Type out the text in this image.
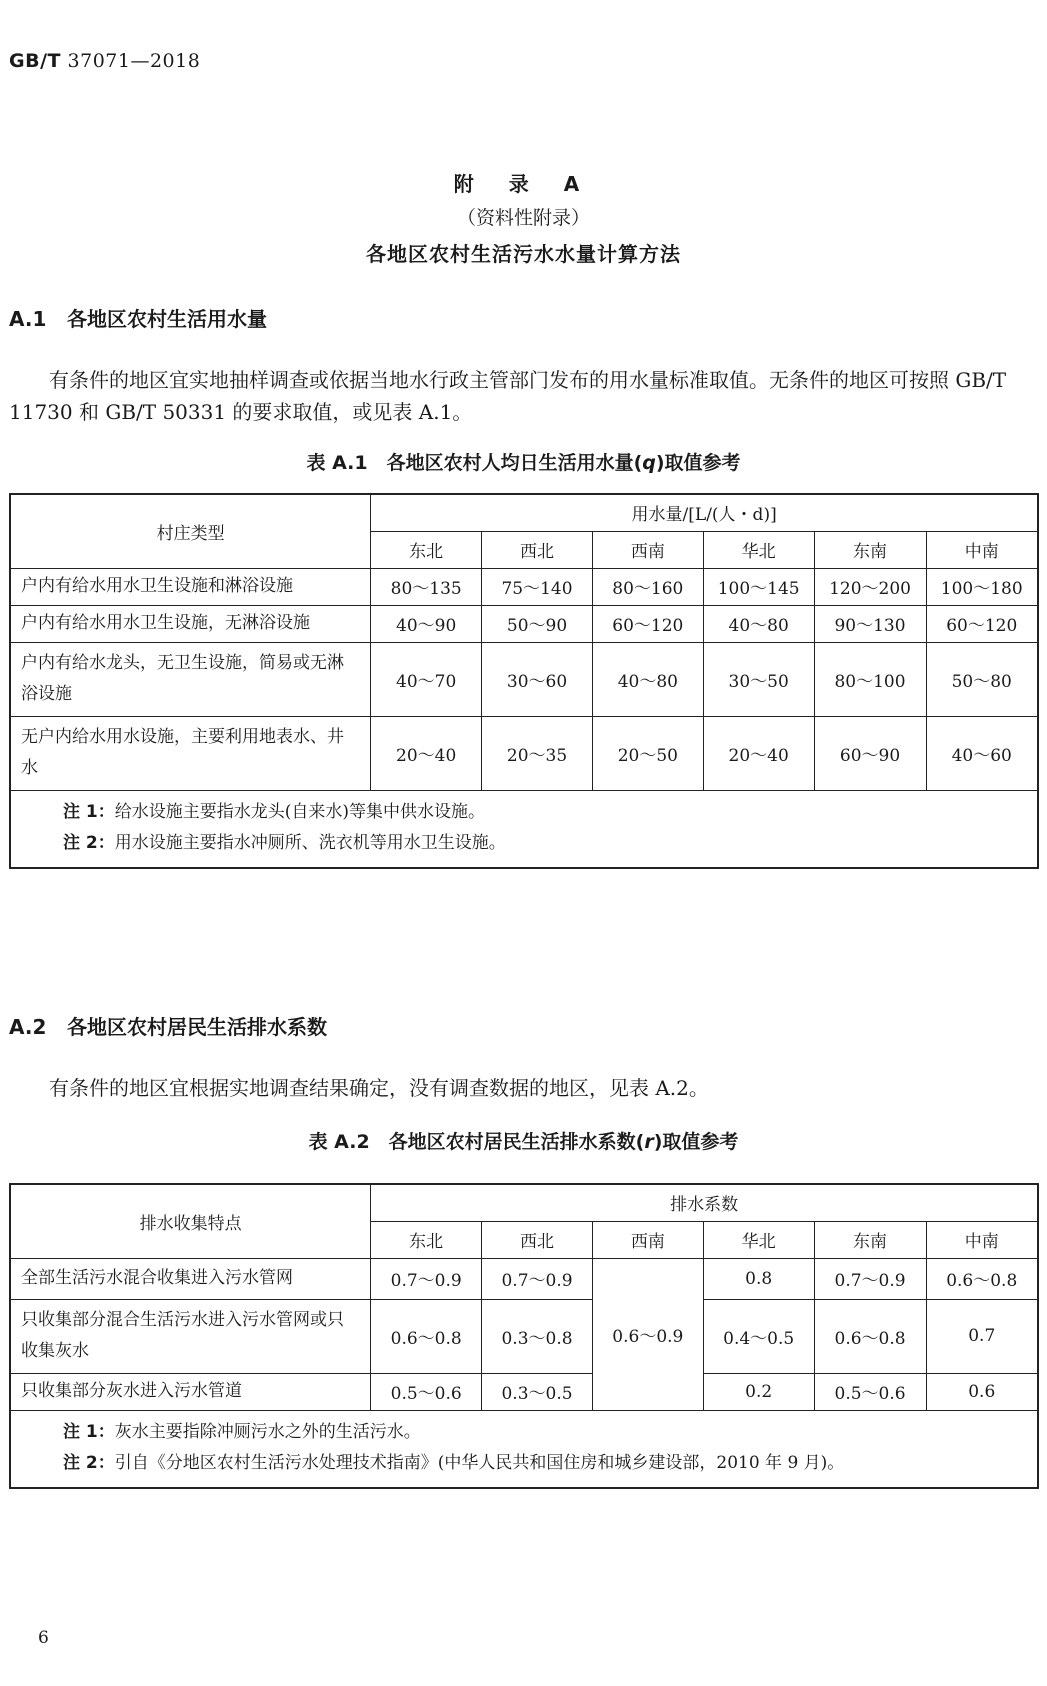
GB/T 37071—2018
附 录 A
（资料性附录）
各地区农村生活污水水量计算方法
A.1 各地区农村生活用水量
有条件的地区宜实地抽样调查或依据当地水行政主管部门发布的用水量标准取值。无条件的地区可按照 GB/T 11730 和 GB/T 50331 的要求取值，或见表 A.1。
表 A.1　各地区农村人均日生活用水量(q)取值参考
村庄类型	用水量/[L/(人・d)]					
	东北	西北	西南	华北	东南	中南
户内有给水用水卫生设施和淋浴设施	80～135	75～140	80～160	100～145	120～200	100～180
户内有给水用水卫生设施，无淋浴设施	40～90	50～90	60～120	40～80	90～130	60～120
户内有给水龙头，无卫生设施，简易或无淋浴设施	40～70	30～60	40～80	30～50	80～100	50～80
无户内给水用水设施，主要利用地表水、井水	20～40	20～35	20～50	20～40	60～90	40～60

注 1：给水设施主要指水龙头(自来水)等集中供水设施。
注 2：用水设施主要指水冲厕所、洗衣机等用水卫生设施。						
A.2 各地区农村居民生活排水系数
有条件的地区宜根据实地调查结果确定，没有调查数据的地区，见表 A.2。
表 A.2　各地区农村居民生活排水系数(r)取值参考
排水收集特点	排水系数					
	东北	西北	西南	华北	东南	中南
全部生活污水混合收集进入污水管网	0.7～0.9	0.7～0.9	0.6～0.9	0.8	0.7～0.9	0.6～0.8
只收集部分混合生活污水进入污水管网或只收集灰水	0.6～0.8	0.3～0.8		0.4～0.5	0.6～0.8	0.7
只收集部分灰水进入污水管道	0.5～0.6	0.3～0.5		0.2	0.5～0.6	0.6

注 1：灰水主要指除冲厕污水之外的生活污水。
注 2：引自《分地区农村生活污水处理技术指南》(中华人民共和国住房和城乡建设部，2010 年 9 月)。						
6
